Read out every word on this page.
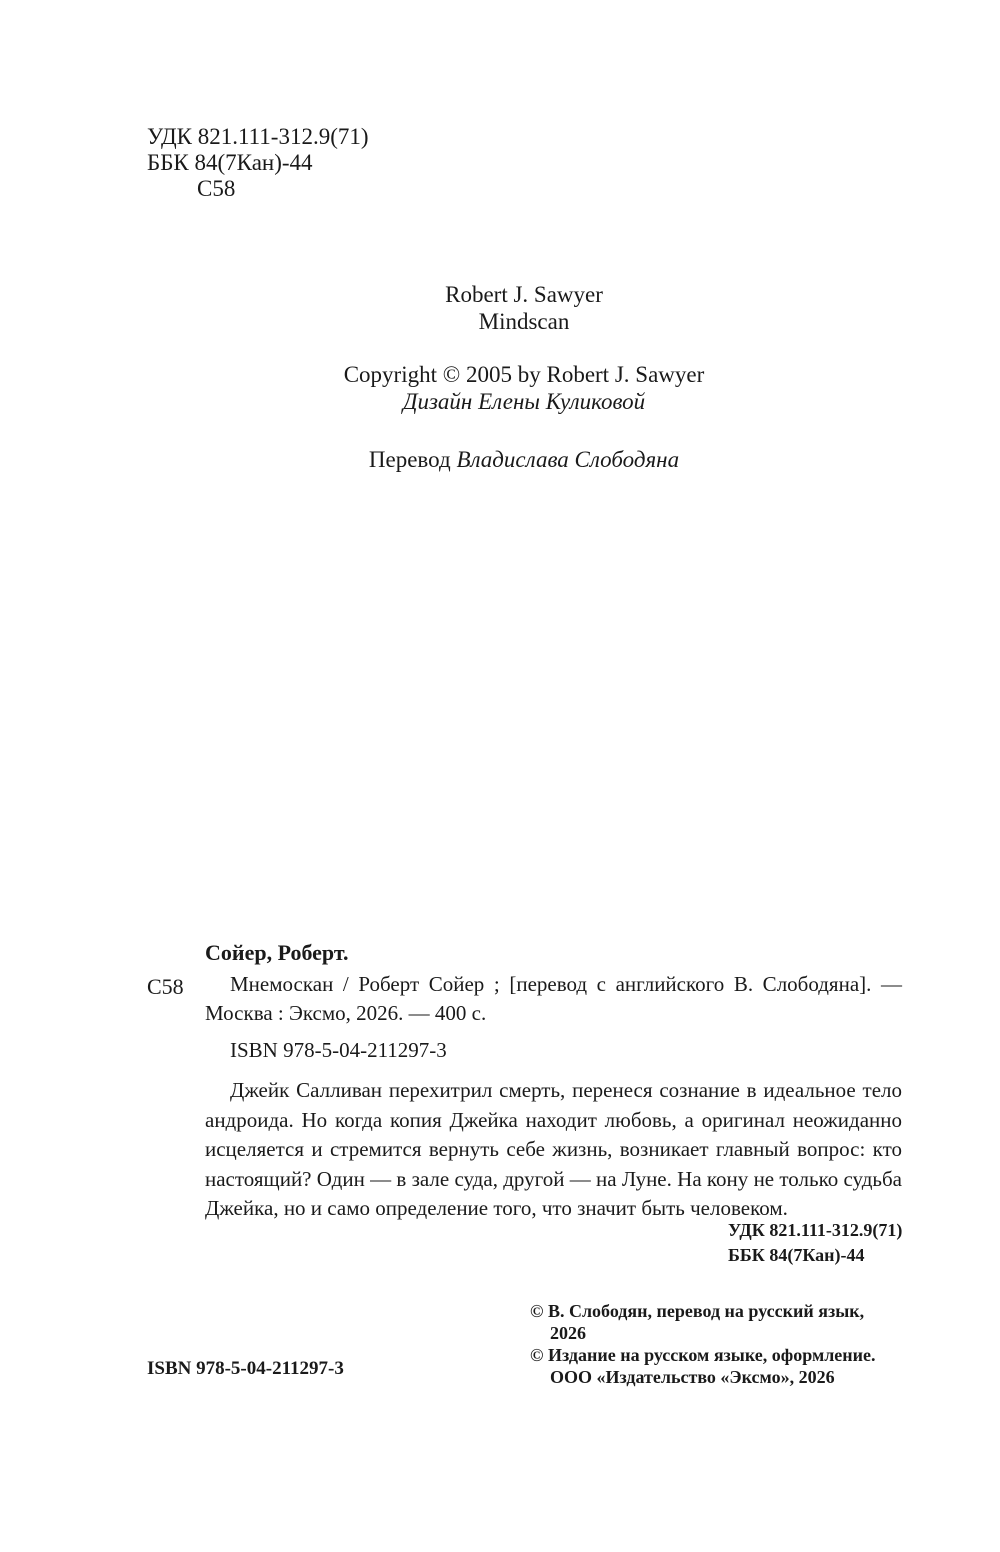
УДК 821.111-312.9(71)
ББК 84(7Кан)-44
С58
Robert J. Sawyer
Mindscan
Copyright © 2005 by Robert J. Sawyer
Дизайн Елены Куликовой
Перевод Владислава Слободяна
Сойер, Роберт.
С58	Мнемоскан / Роберт Сойер ; [перевод с английского В. Слободяна]. — Москва : Эксмо, 2026. — 400 с.
ISBN 978-5-04-211297-3
Джейк Салливан перехитрил смерть, перенеся сознание в идеальное тело андроида. Но когда копия Джейка находит любовь, а оригинал неожиданно исцеляется и стремится вернуть себе жизнь, возникает главный вопрос: кто настоящий? Один — в зале суда, другой — на Луне. На кону не только судьба Джейка, но и само определение того, что значит быть человеком.
УДК 821.111-312.9(71)
ББК 84(7Кан)-44
© В. Слободян, перевод на русский язык,
2026
© Издание на русском языке, оформление.
ООО «Издательство «Эксмо», 2026
ISBN 978-5-04-211297-3
